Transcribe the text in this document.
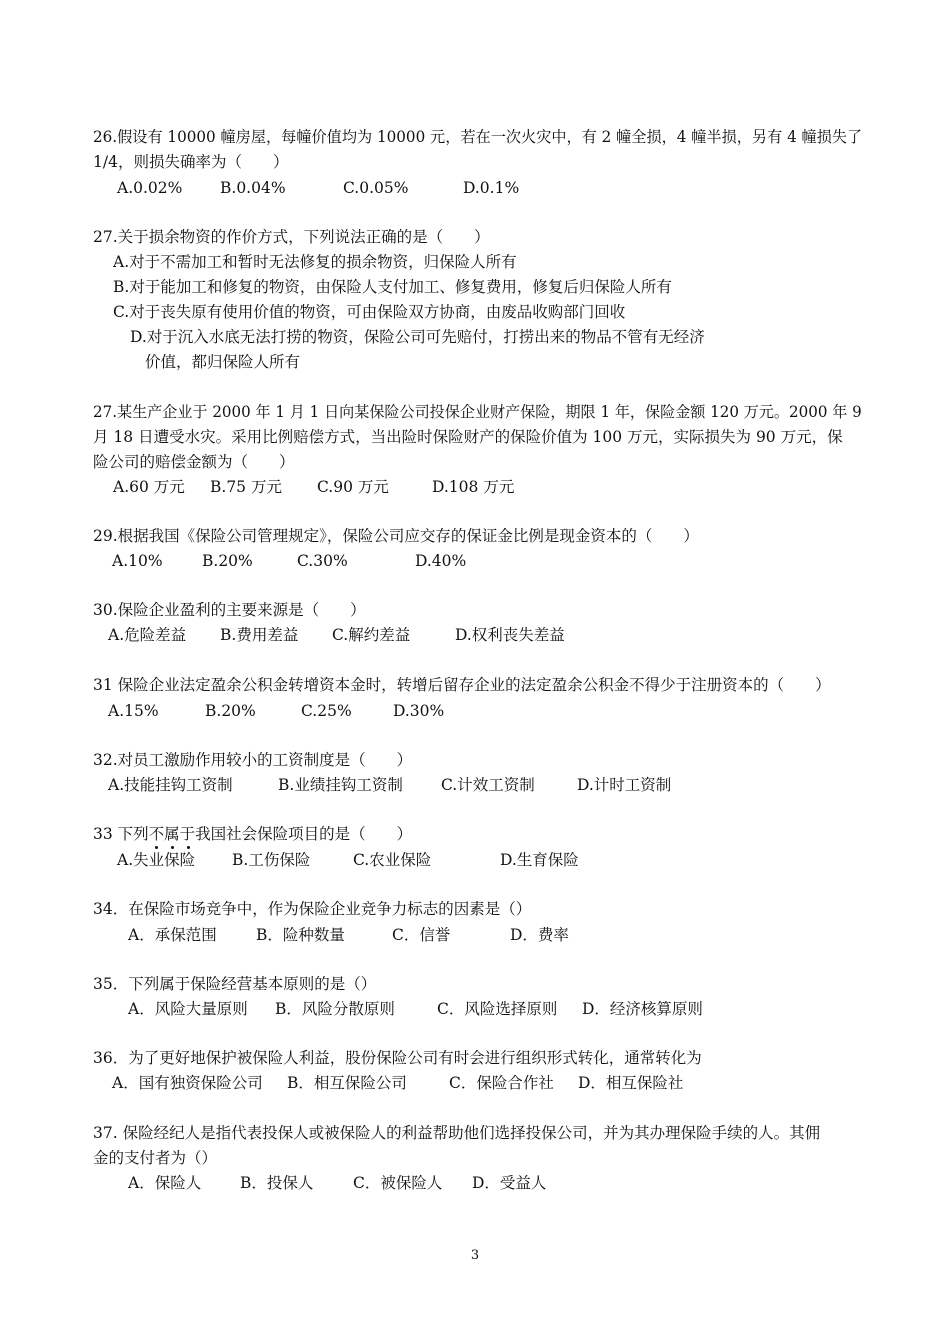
26.假设有 10000 幢房屋，每幢价值均为 10000 元，若在一次火灾中，有 2 幢全损，4 幢半损，另有 4 幢损失了
1/4，则损失确率为（　　）
A.0.02% B.0.04%	C.0.05%	D.0.1%
27.关于损余物资的作价方式，下列说法正确的是（　　）
A.对于不需加工和暂时无法修复的损余物资，归保险人所有
B.对于能加工和修复的物资，由保险人支付加工、修复费用，修复后归保险人所有
C.对于丧失原有使用价值的物资，可由保险双方协商，由废品收购部门回收
D.对于沉入水底无法打捞的物资，保险公司可先赔付，打捞出来的物品不管有无经济
价值，都归保险人所有
27.某生产企业于 2000 年 1 月 1 日向某保险公司投保企业财产保险，期限 1 年，保险金额 120 万元。2000 年 9
月 18 日遭受水灾。采用比例赔偿方式，当出险时保险财产的保险价值为 100 万元，实际损失为 90 万元，保
险公司的赔偿金额为（　　）
A.60 万元 B.75 万元 C.90 万元	D.108 万元
29.根据我国《保险公司管理规定》，保险公司应交存的保证金比例是现金资本的（　　）
A.10%	B.20%	C.30%	D.40%
30.保险企业盈利的主要来源是（　　）
A.危险差益 B.费用差益 C.解约差益	D.权利丧失差益
31 保险企业法定盈余公积金转增资本金时，转增后留存企业的法定盈余公积金不得少于注册资本的（　　）
A.15%	B.20%	C.25%	D.30%
32.对员工激励作用较小的工资制度是（　　）
A.技能挂钩工资制	B.业绩挂钩工资制 C.计效工资制	D.计时工资制
33 下列不属于
我国社会保险项目的是（　　）
A.失业保险 B.工伤保险	C.农业保险	D.生育保险
34．在保险市场竞争中，作为保险企业竞争力标志的因素是（）
A．承保范围	B．险种数量	C．信誉	D．费率
35．下列属于保险经营基本原则的是（）
A．风险大量原则 B．风险分散原则	C．风险选择原则 D．经济核算原则
36．为了更好地保护被保险人利益，股份保险公司有时会进行组织形式转化，通常转化为
A．国有独资保险公司 B．相互保险公司	C．保险合作社 D．相互保险社
37. 保险经纪人是指代表投保人或被保险人的利益帮助他们选择投保公司，并为其办理保险手续的人。其佣
金的支付者为（）
A．保险人	B．投保人	C．被保险人 D．受益人
3
